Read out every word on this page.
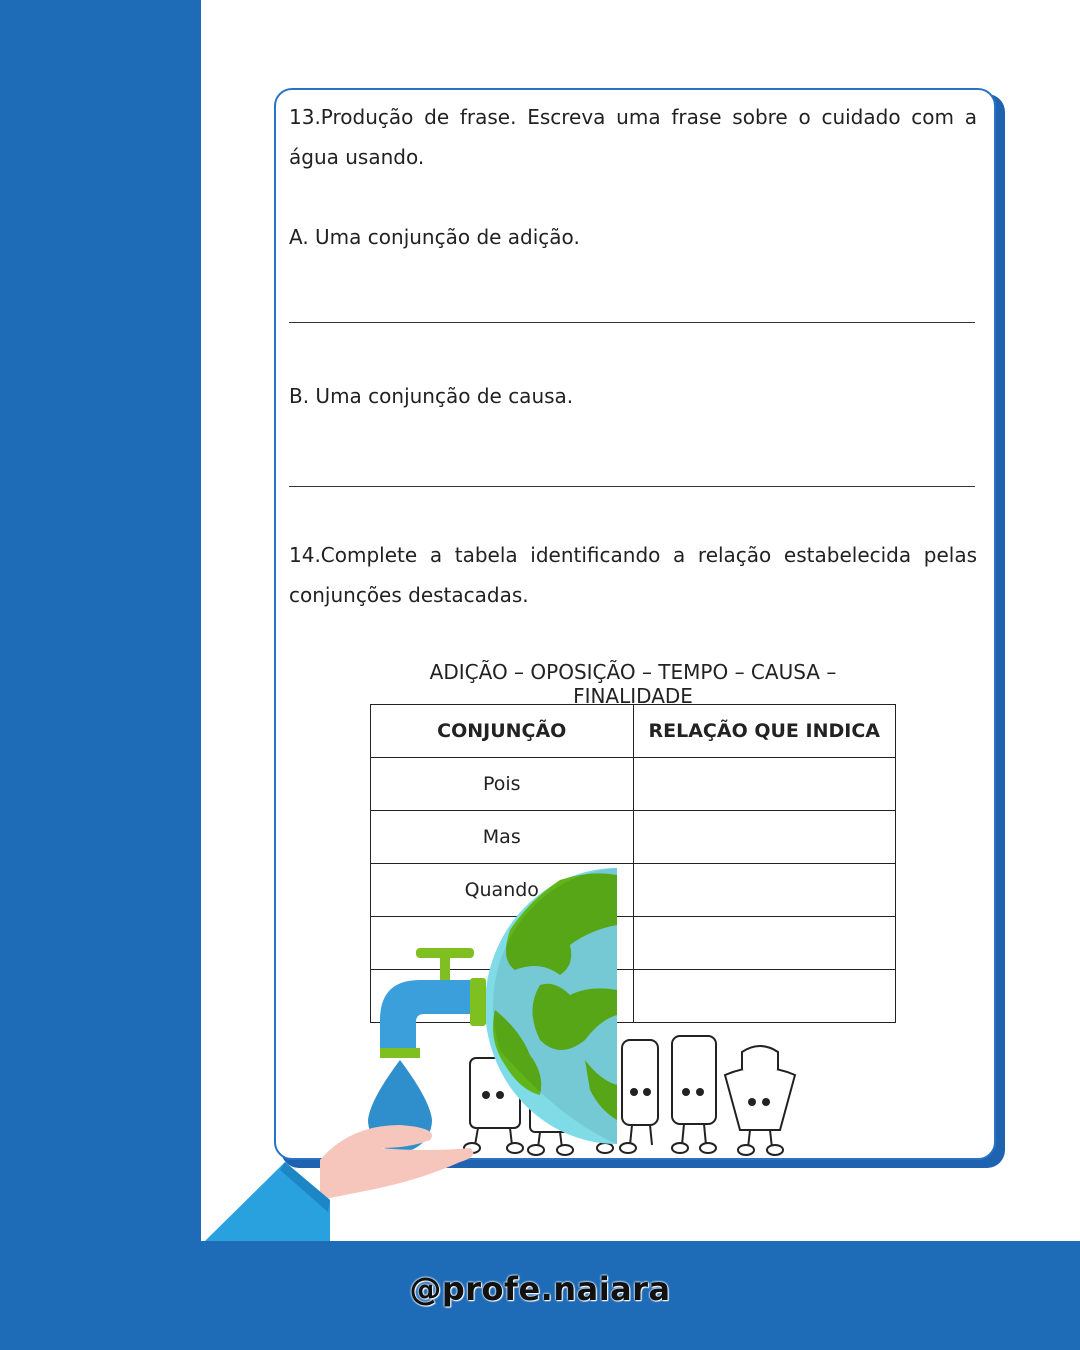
13.Produção de frase. Escreva uma frase sobre o cuidado com a água usando.
A. Uma conjunção de adição.
B. Uma conjunção de causa.
14.Complete a tabela identificando a relação estabelecida pelas conjunções destacadas.
ADIÇÃO – OPOSIÇÃO – TEMPO – CAUSA – FINALIDADE
CONJUNÇÃO	RELAÇÃO QUE INDICA
Pois	
Mas	
Quando	

@profe.naiara
